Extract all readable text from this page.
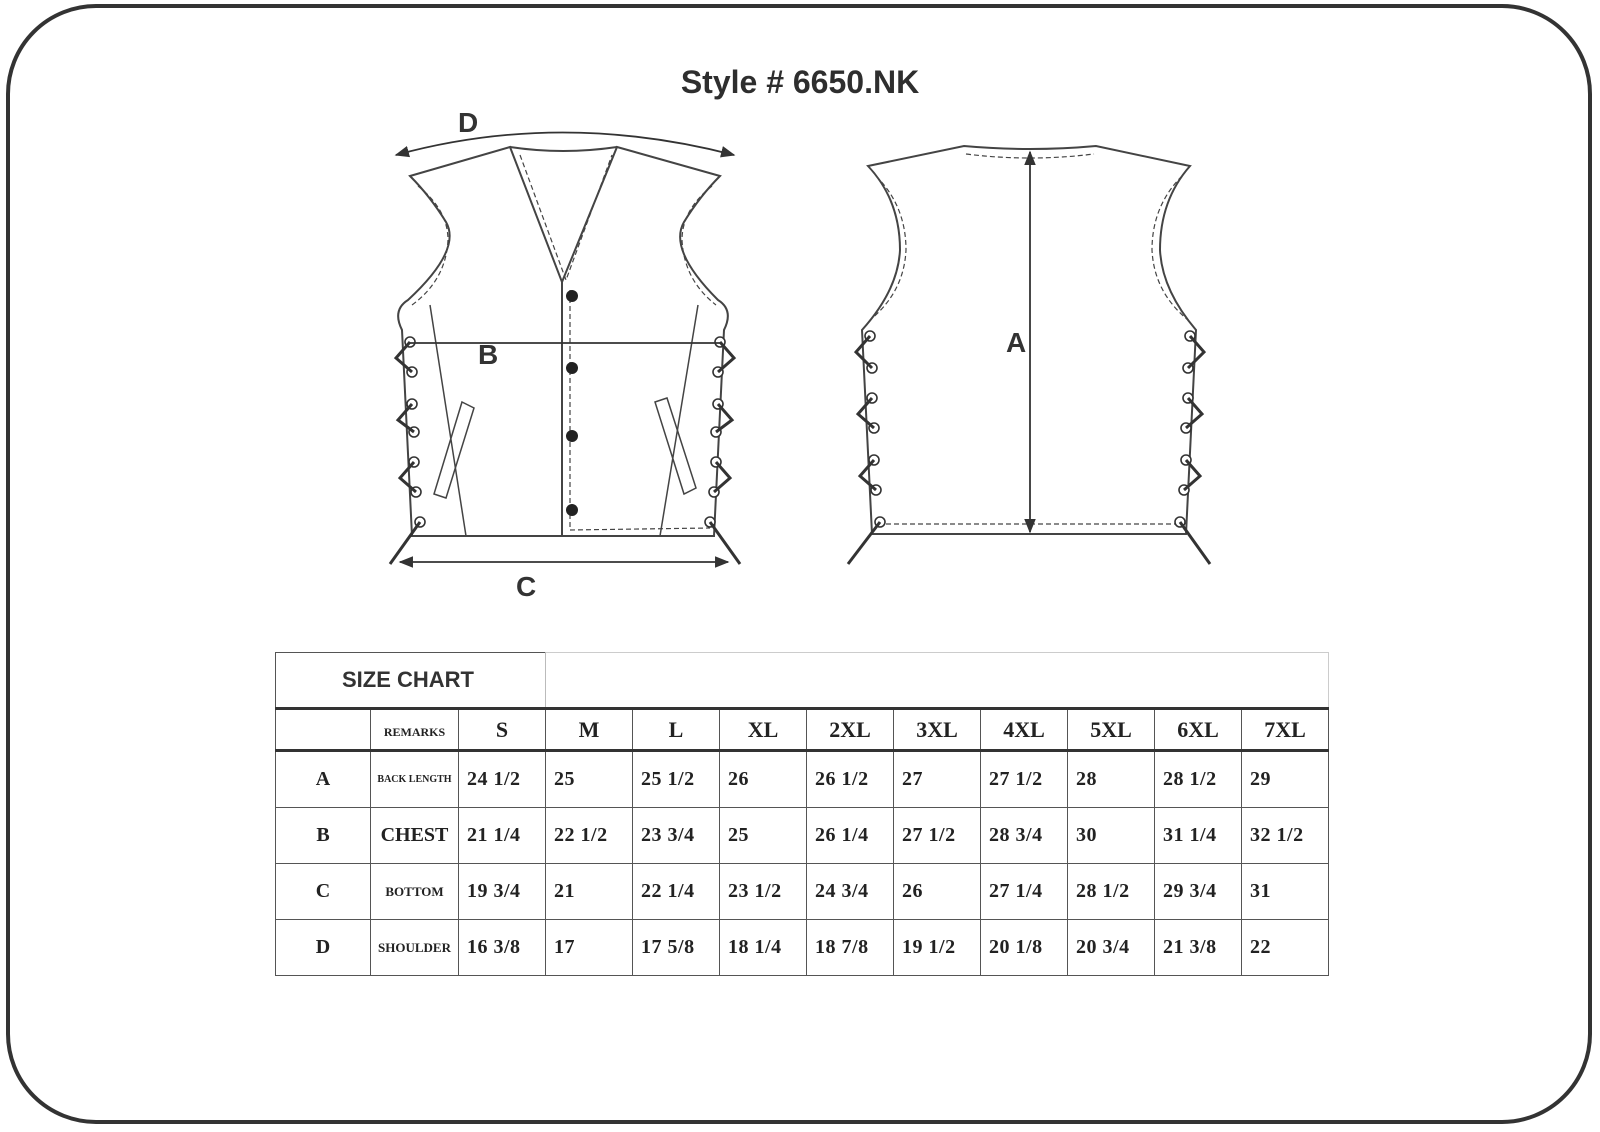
Style # 6650.NK
D
B
C
A
SIZE CHART											
	REMARKS	S	M	L	XL	2XL	3XL	4XL	5XL	6XL	7XL
A	BACK LENGTH	24 1/2	25	25 1/2	26	26 1/2	27	27 1/2	28	28 1/2	29
B	CHEST	21 1/4	22 1/2	23 3/4	25	26 1/4	27 1/2	28 3/4	30	31 1/4	32 1/2
C	BOTTOM	19 3/4	21	22 1/4	23 1/2	24 3/4	26	27 1/4	28 1/2	29 3/4	31
D	SHOULDER	16 3/8	17	17 5/8	18 1/4	18 7/8	19 1/2	20 1/8	20 3/4	21 3/8	22
